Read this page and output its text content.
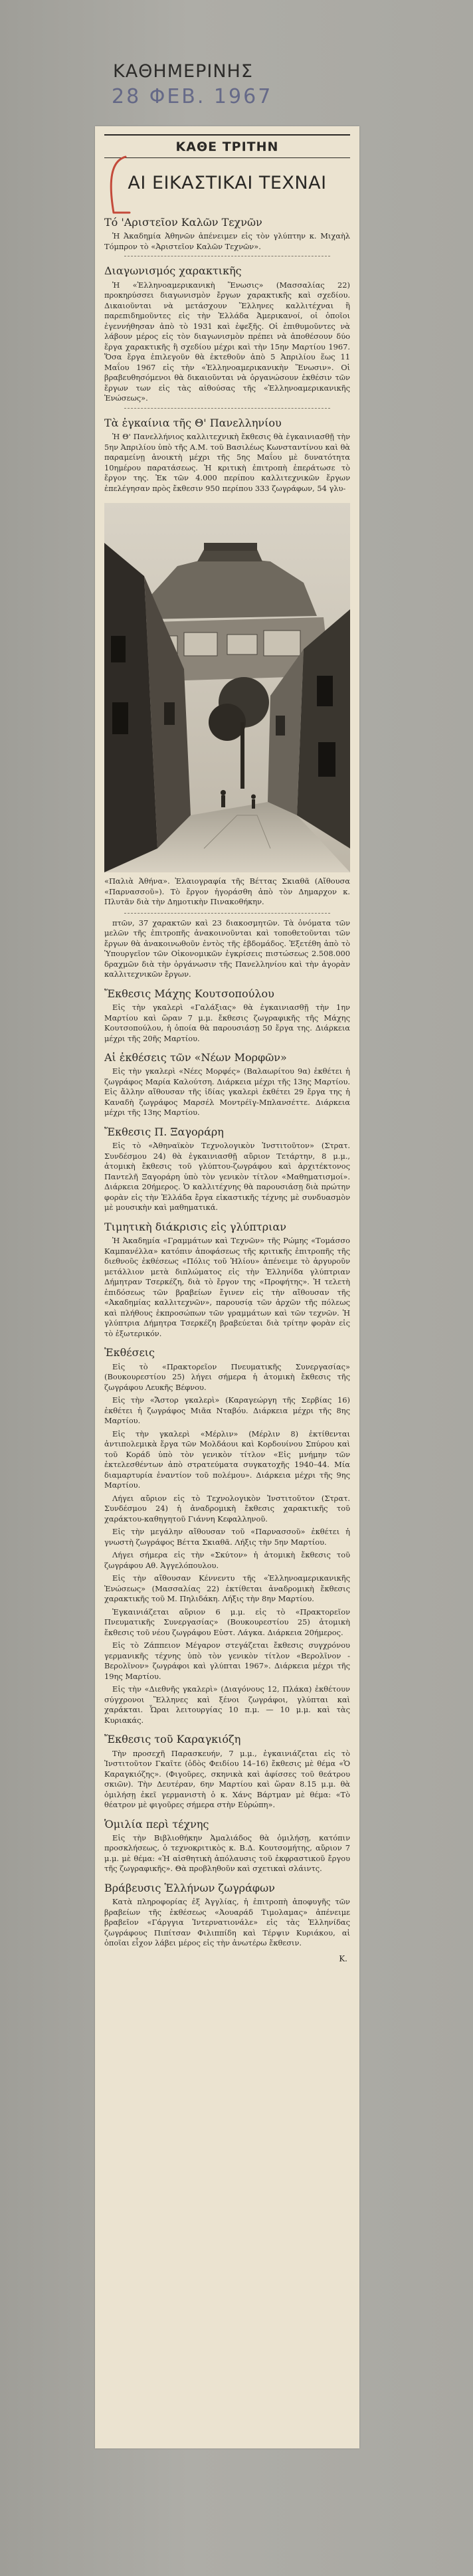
ΚΑΘΗΜΕΡΙΝΗΣ
28 ΦΕΒ. 1967
ΚΑΘΕ ΤΡΙΤΗΝ
ΑΙ ΕΙΚΑΣΤΙΚΑΙ ΤΕΧΝΑΙ
Τό 'Αριστεῖον Καλῶν Τεχνῶν

Ἡ Ἀκαδημία Ἀθηνῶν ἀπένειμεν εἰς τὸν γλύπτην κ. Μιχαὴλ Τόμπρον τὸ «Ἀριστεῖον Καλῶν Τεχνῶν».

Διαγωνισμός χαρακτικῆς

Ἡ «Ἑλληνοαμερικανικὴ Ἕνωσις» (Μασσαλίας 22) προκηρύσσει διαγωνισμὸν ἔργων χαρακτικῆς καὶ σχεδίου. Δικαιοῦνται νὰ μετάσχουν Ἕλληνες καλλιτέχναι ἢ παρεπιδημοῦντες εἰς τὴν Ἑλλάδα Ἀμερικανοί, οἱ ὁποῖοι ἐγεννήθησαν ἀπὸ τὸ 1931 καὶ ἐφεξῆς. Οἱ ἐπιθυμοῦντες νὰ λάβουν μέρος εἰς τὸν διαγωνισμὸν πρέπει νὰ ἀποθέσουν δύο ἔργα χαρακτικῆς ἢ σχεδίου μέχρι καὶ τὴν 15ην Μαρτίου 1967. Ὅσα ἔργα ἐπιλεγοῦν θὰ ἐκτεθοῦν ἀπὸ 5 Ἀπριλίου ἕως 11 Μαΐου 1967 εἰς τὴν «Ἑλληνοαμερικανικὴν Ἕνωσιν». Οἱ βραβευθησόμενοι θὰ δικαιοῦνται νὰ ὀργανώσουν ἐκθέσιν τῶν ἔργων των εἰς τὰς αἰθούσας τῆς «Ἑλληνοαμερικανικῆς Ἑνώσεως».

Τὰ ἐγκαίνια τῆς Θ' Πανελληνίου

Ἡ Θ' Πανελλήνιος καλλιτεχνικὴ ἔκθεσις θὰ ἐγκαινιασθῇ τὴν 5ην Ἀπριλίου ὑπὸ τῆς Α.Μ. τοῦ Βασιλέως Κωνσταντίνου καὶ θὰ παραμείνῃ ἀνοικτὴ μέχρι τῆς 5ης Μαΐου μὲ δυνατότητα 10ημέρου παρατάσεως. Ἡ κριτικὴ ἐπιτροπὴ ἐπεράτωσε τὸ ἔργον της. Ἐκ τῶν 4.000 περίπου καλλιτεχνικῶν ἔργων ἐπελέγησαν πρὸς ἔκθεσιν 950 περίπου 333 ζωγράφων, 54 γλυ-

«Παλιὰ Ἀθήνα». Ἐλαιογραφία τῆς Βέττας Σκιαθᾶ (Αἴθουσα «Παρνασσοῦ»). Τὸ ἔργον ἠγοράσθη ἀπὸ τὸν Δημαρχον κ. Πλυτᾶν διὰ τὴν Δημοτικὴν Πινακοθήκην.

πτῶν, 37 χαρακτῶν καὶ 23 διακοσμητῶν. Τὰ ὀνόματα τῶν μελῶν τῆς ἐπιτροπῆς ἀνακοινοῦνται καὶ τοποθετοῦνται τῶν ἔργων θὰ ἀνακοινωθοῦν ἐντὸς τῆς ἑβδομάδος. Ἐξετέθη ἀπὸ τὸ Ὑπουργεῖον τῶν Οἰκονομικῶν ἐγκρίσεις πιστώσεως 2.508.000 δραχμῶν διὰ τὴν ὀργάνωσιν τῆς Πανελληνίου καὶ τὴν ἀγορὰν καλλιτεχνικῶν ἔργων.

Ἔκθεσις Μάχης Κουτσοπούλου

Εἰς τὴν γκαλερὶ «Γαλάξιας» θὰ ἐγκαινιασθῇ τὴν 1ην Μαρτίου καὶ ὥραν 7 μ.μ. ἔκθεσις ζωγραφικῆς τῆς Μάχης Κουτσοπούλου, ἡ ὁποία θὰ παρουσιάσῃ 50 ἔργα της. Διάρκεια μέχρι τῆς 20ῆς Μαρτίου.

Αἱ ἐκθέσεις τῶν «Νέων Μορφῶν»

Εἰς τὴν γκαλερὶ «Νέες Μορφές» (Βαλαωρίτου 9α) ἐκθέτει ἡ ζωγράφος Μαρία Καλούτση. Διάρκεια μέχρι τῆς 13ης Μαρτίου. Εἰς ἄλλην αἴθουσαν τῆς ἰδίας γκαλερὶ ἐκθέτει 29 ἔργα της ἡ Καναδὴ ζωγράφος Μαρσέλ Μοντρέϊγ-Μπλανσέττε. Διάρκεια μέχρι τῆς 13ης Μαρτίου.

Ἔκθεσις Π. Ξαγοράρη

Εἰς τὸ «Ἀθηναϊκὸν Τεχνολογικὸν Ἰνστιτοῦτον» (Στρατ. Συνδέσμου 24) θὰ ἐγκαινιασθῇ αὔριον Τετάρτην, 8 μ.μ., ἀτομικὴ ἔκθεσις τοῦ γλύπτου-ζωγράφου καὶ ἀρχιτέκτονος Παντελῆ Ξαγοράρη ὑπὸ τὸν γενικὸν τίτλον «Μαθηματισμοί». Διάρκεια 20ήμερος. Ὁ καλλιτέχνης θὰ παρουσιάσῃ διὰ πρώτην φορὰν εἰς τὴν Ἑλλάδα ἔργα εἰκαστικῆς τέχνης μὲ συνδυασμὸν μὲ μουσικὴν καὶ μαθηματικά.

Τιμητικὴ διάκρισις εἰς γλύπτριαν

Ἡ Ἀκαδημία «Γραμμάτων καὶ Τεχνῶν» τῆς Ρώμης «Τομάσσο Καμπανέλλα» κατόπιν ἀποφάσεως τῆς κριτικῆς ἐπιτροπῆς τῆς διεθνοῦς ἐκθέσεως «Πόλις τοῦ Ἡλίου» ἀπένειμε τὸ ἀργυροῦν μετάλλιον μετὰ διπλώματος εἰς τὴν Ἑλληνίδα γλύπτριαν Δήμητραν Τσερκέζη, διὰ τὸ ἔργον της «Προφήτης». Ἡ τελετὴ ἐπιδόσεως τῶν βραβείων ἔγινεν εἰς τὴν αἴθουσαν τῆς «Ἀκαδημίας καλλιτεχνῶν», παρουσίᾳ τῶν ἀρχῶν τῆς πόλεως καὶ πλήθους ἐκπροσώπων τῶν γραμμάτων καὶ τῶν τεχνῶν. Ἡ γλύπτρια Δήμητρα Τσερκέζη βραβεύεται διὰ τρίτην φορὰν εἰς τὸ ἐξωτερικόν.

Ἐκθέσεις

Εἰς τὸ «Πρακτορεῖον Πνευματικῆς Συνεργασίας» (Βουκουρεστίου 25) λήγει σήμερα ἡ ἀτομικὴ ἔκθεσις τῆς ζωγράφου Λευκῆς Βέφνου.

Εἰς τὴν «Ἄστορ γκαλερὶ» (Καραγεώργη τῆς Σερβίας 16) ἐκθέτει ἡ ζωγράφος Μιᾶα Νταβόυ. Διάρκεια μέχρι τῆς 8ης Μαρτίου.

Εἰς τὴν γκαλερὶ «Μέρλιν» (Μέρλιν 8) ἐκτίθενται ἀντιπολεμικὰ ἔργα τῶν Μολδάουι καὶ Κορδουίνου Σπύρου καὶ τοῦ Κοράδ ὑπὸ τὸν γενικὸν τίτλον «Εἰς μνήμην τῶν ἐκτελεσθέντων ἀπὸ στρατεύματα συγκατοχῆς 1940–44. Μία διαμαρτυρία ἐναντίον τοῦ πολέμου». Διάρκεια μέχρι τῆς 9ης Μαρτίου.

Λήγει αὔριον εἰς τὸ Τεχνολογικὸν Ἰνστιτοῦτον (Στρατ. Συνδέσμου 24) ἡ ἀναδρομικὴ ἔκθεσις χαρακτικῆς τοῦ χαράκτου-καθηγητοῦ Γιάννη Κεφαλληνοῦ.

Εἰς τὴν μεγάλην αἴθουσαν τοῦ «Παρνασσοῦ» ἐκθέτει ἡ γνωστὴ ζωγράφος Βέττα Σκιαθᾶ. Λήξις τὴν 5ην Μαρτίου.

Λήγει σήμερα εἰς τὴν «Σκύτον» ἡ ἀτομικὴ ἔκθεσις τοῦ ζωγράφου Αθ. Ἀγγελόπουλου.

Εἰς τὴν αἴθουσαν Κέννεντυ τῆς «Ἑλληνοαμερικανικῆς Ἑνώσεως» (Μασσαλίας 22) ἐκτίθεται ἀναδρομικὴ ἔκθεσις χαρακτικῆς τοῦ Μ. Πηλιδάκη. Λήξις τὴν 8ην Μαρτίου.

Ἐγκαινιάζεται αὔριον 6 μ.μ. εἰς τὸ «Πρακτορεῖον Πνευματικῆς Συνεργασίας» (Βουκουρεστίου 25) ἀτομικὴ ἔκθεσις τοῦ νέου ζωγράφου Εὐστ. Λάγκα. Διάρκεια 20ήμερος.

Εἰς τὸ Ζάππειον Μέγαρον στεγάζεται ἔκθεσις συγχρόνου γερμανικῆς τέχνης ὑπὸ τὸν γενικὸν τίτλον «Βερολῖνον - Βερολῖνον» ζωγράφοι καὶ γλύπται 1967». Διάρκεια μέχρι τῆς 19ης Μαρτίου.

Εἰς τὴν «Διεθνῆς γκαλερὶ» (Διαγόνους 12, Πλάκα) ἐκθέτουν σύγχρονοι Ἕλληνες καὶ ξένοι ζωγράφοι, γλύπται καὶ χαράκται. Ὧραι λειτουργίας 10 π.μ. — 10 μ.μ. καὶ τὰς Κυριακάς.

Ἔκθεσις τοῦ Καραγκιόζη

Τὴν προσεχῆ Παρασκευήν, 7 μ.μ., ἐγκαινιάζεται εἰς τὸ Ἰνστιτοῦτον Γκαῖτε (ὁδὸς Φειδίου 14–16) ἔκθεσις μὲ θέμα «Ὁ Καραγκιόζης». (Φιγοῦρες, σκηνικὰ καὶ ἀφίσσες τοῦ θεάτρου σκιῶν). Τὴν Δευτέραν, 6ην Μαρτίου καὶ ὥραν 8.15 μ.μ. θὰ ὁμιλήσῃ ἐκεῖ γερμανιστὴ ὁ κ. Χάνς Βάρτμαν μὲ θέμα: «Τὸ θέατρον μὲ φιγοῦρες σήμερα στὴν Εὐρώπη».

Ὁμιλία περὶ τέχνης

Εἰς τὴν Βιβλιοθήκην Ἀμαλιάδος θὰ ὁμιλήσῃ, κατόπιν προσκλήσεως, ὁ τεχνοκριτικὸς κ. Β.Δ. Κουτσομήτης, αὔριον 7 μ.μ. μὲ θέμα: «Ἡ αἰσθητικὴ ἀπόλαυσις τοῦ ἐκφραστικοῦ ἔργου τῆς ζωγραφικῆς». Θὰ προβληθοῦν καὶ σχετικαὶ σλάιντς.

Βράβευσις Ἑλλήνων ζωγράφων

Κατὰ πληροφορίας ἐξ Ἀγγλίας, ἡ ἐπιτροπὴ ἀποφυγῆς τῶν βραβείων τῆς ἐκθέσεως «Ἀουαράδ Τιμολαμας» ἀπένειμε βραβεῖον «Γάργγια Ἰντερνατιονάλε» εἰς τὰς Ἑλληνίδας ζωγράφους Πιπίτσαν Φιλιππίδη καὶ Τέρψιν Κυριάκου, αἱ ὁποῖαι εἶχον λάβει μέρος εἰς τὴν ἀνωτέρω ἔκθεσιν.

Κ.
